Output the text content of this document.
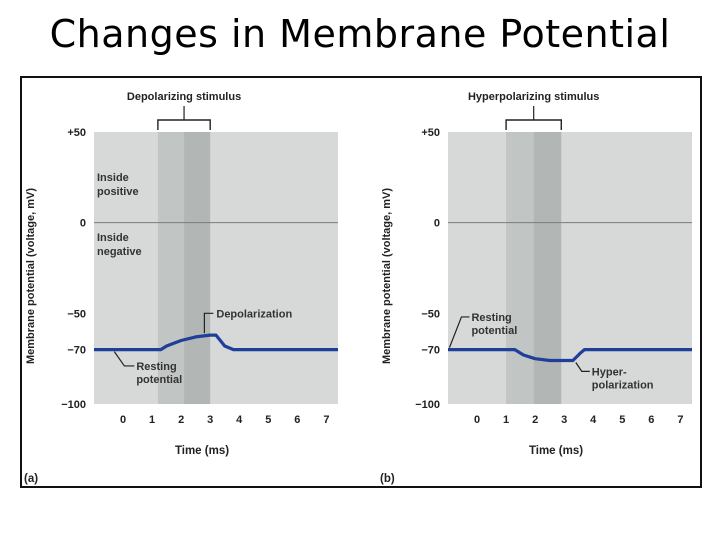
Changes in Membrane Potential
Depolarizing stimulus
+50
0
−50
−70
−100
0 1 2 3 4 5 6 7
Time (ms)
Membrane potential (voltage, mV)
(a)
Inside
positive
Inside
negative
Depolarization
Resting
potential
Hyperpolarizing stimulus
+50
0
−50
−70
−100
0 1 2 3 4 5 6 7
Time (ms)
Membrane potential (voltage, mV)
(b)
Resting
potential
Hyper-
polarization
